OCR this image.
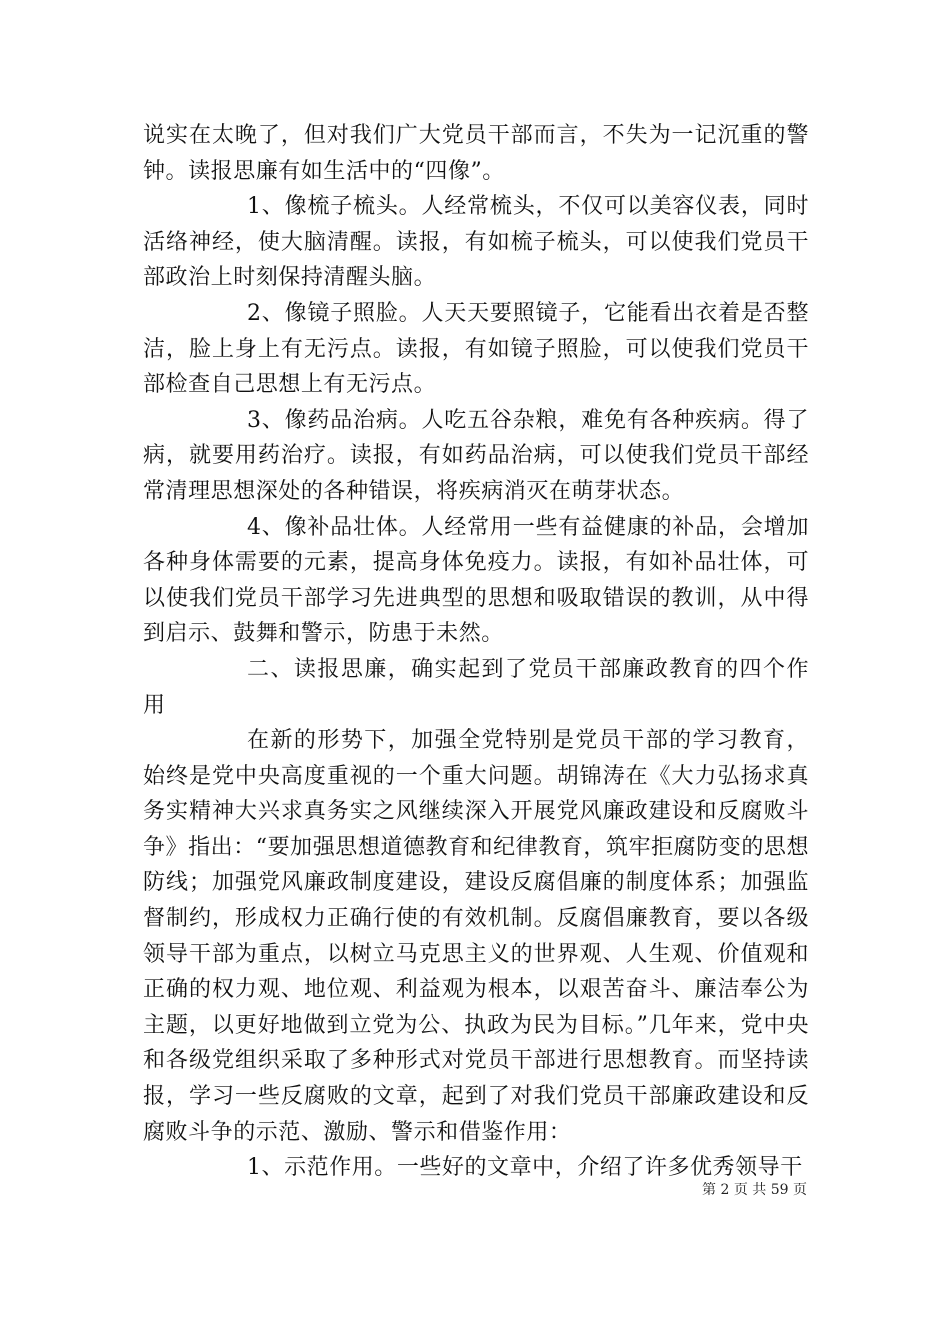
说实在太晚了，但对我们广大党员干部而言，不失为一记沉重的警钟。读报思廉有如生活中的“四像”。

1、像梳子梳头。人经常梳头，不仅可以美容仪表，同时活络神经，使大脑清醒。读报，有如梳子梳头，可以使我们党员干部政治上时刻保持清醒头脑。

2、像镜子照脸。人天天要照镜子，它能看出衣着是否整洁，脸上身上有无污点。读报，有如镜子照脸，可以使我们党员干部检查自己思想上有无污点。

3、像药品治病。人吃五谷杂粮，难免有各种疾病。得了病，就要用药治疗。读报，有如药品治病，可以使我们党员干部经常清理思想深处的各种错误，将疾病消灭在萌芽状态。

4、像补品壮体。人经常用一些有益健康的补品，会增加各种身体需要的元素，提高身体免疫力。读报，有如补品壮体，可以使我们党员干部学习先进典型的思想和吸取错误的教训，从中得到启示、鼓舞和警示，防患于未然。

二、读报思廉，确实起到了党员干部廉政教育的四个作用

在新的形势下，加强全党特别是党员干部的学习教育，始终是党中央高度重视的一个重大问题。胡锦涛在《大力弘扬求真务实精神大兴求真务实之风继续深入开展党风廉政建设和反腐败斗争》指出：“要加强思想道德教育和纪律教育，筑牢拒腐防变的思想防线；加强党风廉政制度建设，建设反腐倡廉的制度体系；加强监督制约，形成权力正确行使的有效机制。反腐倡廉教育，要以各级领导干部为重点，以树立马克思主义的世界观、人生观、价值观和正确的权力观、地位观、利益观为根本，以艰苦奋斗、廉洁奉公为主题，以更好地做到立党为公、执政为民为目标。”几年来，党中央和各级党组织采取了多种形式对党员干部进行思想教育。而坚持读报，学习一些反腐败的文章，起到了对我们党员干部廉政建设和反腐败斗争的示范、激励、警示和借鉴作用：

1、示范作用。一些好的文章中，介绍了许多优秀领导干

第 2 页 共 59 页
